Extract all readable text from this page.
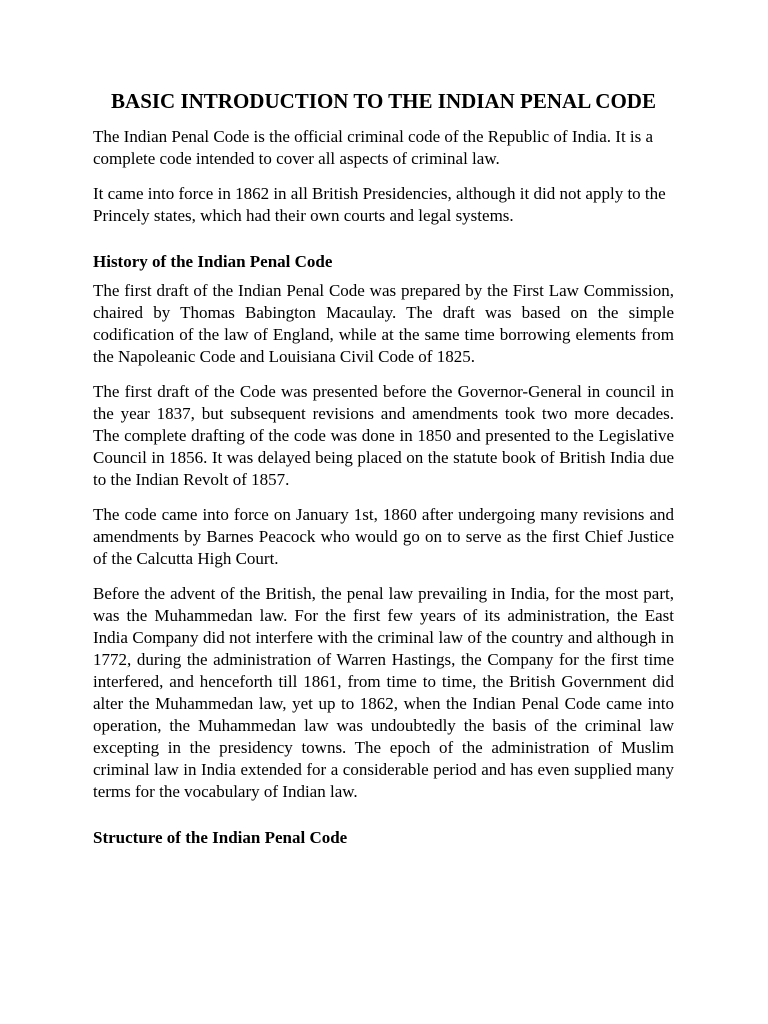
BASIC INTRODUCTION TO THE INDIAN PENAL CODE

The Indian Penal Code is the official criminal code of the Republic of India. It is a complete code intended to cover all aspects of criminal law.

It came into force in 1862 in all British Presidencies, although it did not apply to the Princely states, which had their own courts and legal systems.

History of the Indian Penal Code

The first draft of the Indian Penal Code was prepared by the First Law Commission, chaired by Thomas Babington Macaulay. The draft was based on the simple codification of the law of England, while at the same time borrowing elements from the Napoleanic Code and Louisiana Civil Code of 1825.

The first draft of the Code was presented before the Governor-General in council in the year 1837, but subsequent revisions and amendments took two more decades. The complete drafting of the code was done in 1850 and presented to the Legislative Council in 1856. It was delayed being placed on the statute book of British India due to the Indian Revolt of 1857.

The code came into force on January 1st, 1860 after undergoing many revisions and amendments by Barnes Peacock who would go on to serve as the first Chief Justice of the Calcutta High Court.

Before the advent of the British, the penal law prevailing in India, for the most part, was the Muhammedan law. For the first few years of its administration, the East India Company did not interfere with the criminal law of the country and although in 1772, during the administration of Warren Hastings, the Company for the first time interfered, and henceforth till 1861, from time to time, the British Government did alter the Muhammedan law, yet up to 1862, when the Indian Penal Code came into operation, the Muhammedan law was undoubtedly the basis of the criminal law excepting in the presidency towns. The epoch of the administration of Muslim criminal law in India extended for a considerable period and has even supplied many terms for the vocabulary of Indian law.

Structure of the Indian Penal Code
